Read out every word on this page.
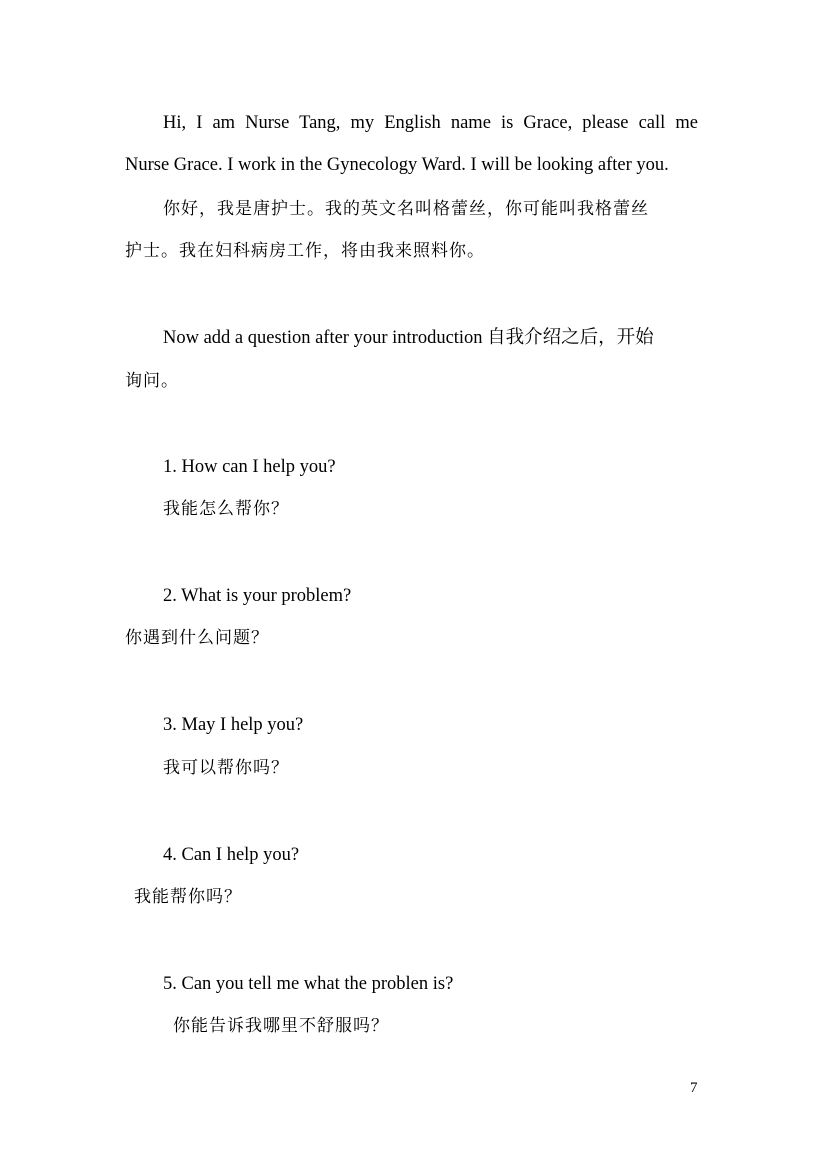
Hi, I am Nurse Tang, my English name is Grace, please call me
Nurse Grace. I work in the Gynecology Ward. I will be looking after you.
你好，我是唐护士。我的英文名叫格蕾丝，你可能叫我格蕾丝
护士。我在妇科病房工作，将由我来照料你。
Now add a question after your introduction 自我介绍之后，开始
询问。
1. How can I help you?
我能怎么帮你？
2. What is your problem?
你遇到什么问题？
3. May I help you?
我可以帮你吗？
4. Can I help you?
我能帮你吗？
5. Can you tell me what the problen is?
你能告诉我哪里不舒服吗？
7
